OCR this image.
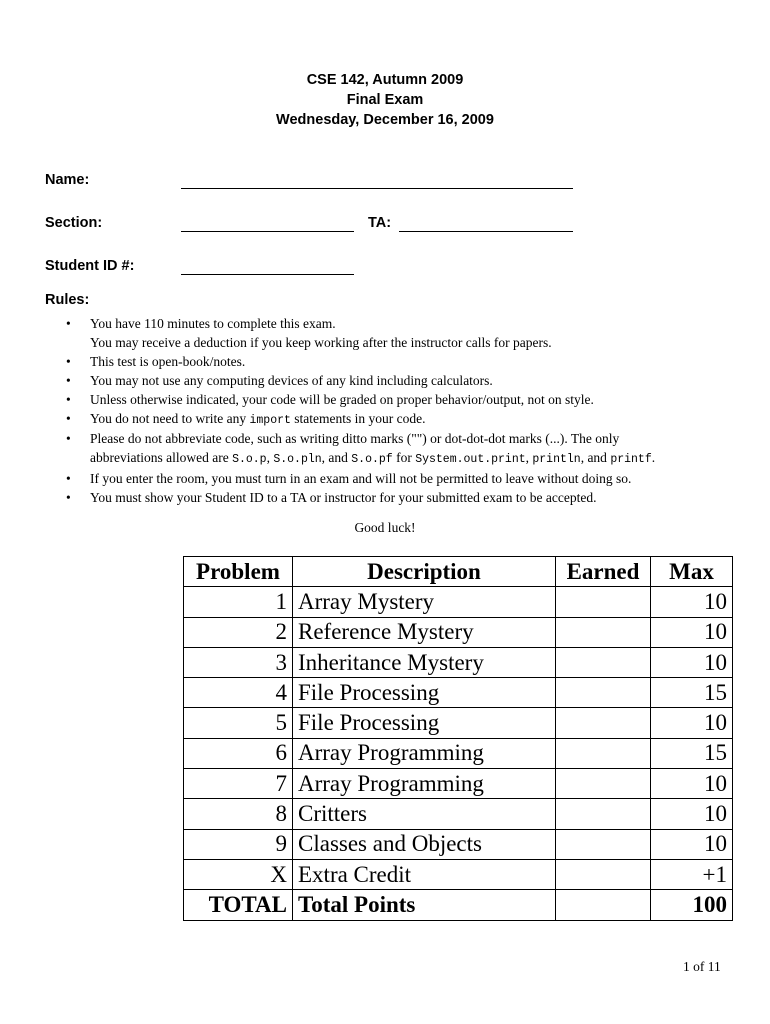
CSE 142, Autumn 2009
Final Exam
Wednesday, December 16, 2009
Name:
Section:	TA:
Student ID #:
Rules:
• You have 110 minutes to complete this exam.
You may receive a deduction if you keep working after the instructor calls for papers.
• This test is open-book/notes.
• You may not use any computing devices of any kind including calculators.
• Unless otherwise indicated, your code will be graded on proper behavior/output, not on style.
• You do not need to write any import statements in your code.
• Please do not abbreviate code, such as writing ditto marks ("") or dot-dot-dot marks (...). The only
abbreviations allowed are S.o.p, S.o.pln, and S.o.pf for System.out.print, println, and printf.
• If you enter the room, you must turn in an exam and will not be permitted to leave without doing so.
• You must show your Student ID to a TA or instructor for your submitted exam to be accepted.
Good luck!
Problem	Description	Earned	Max
1	Array Mystery		10
2	Reference Mystery		10
3	Inheritance Mystery		10
4	File Processing		15
5	File Processing		10
6	Array Programming		15
7	Array Programming		10
8	Critters		10
9	Classes and Objects		10
X	Extra Credit		+1
TOTAL	Total Points		100
1 of 11
